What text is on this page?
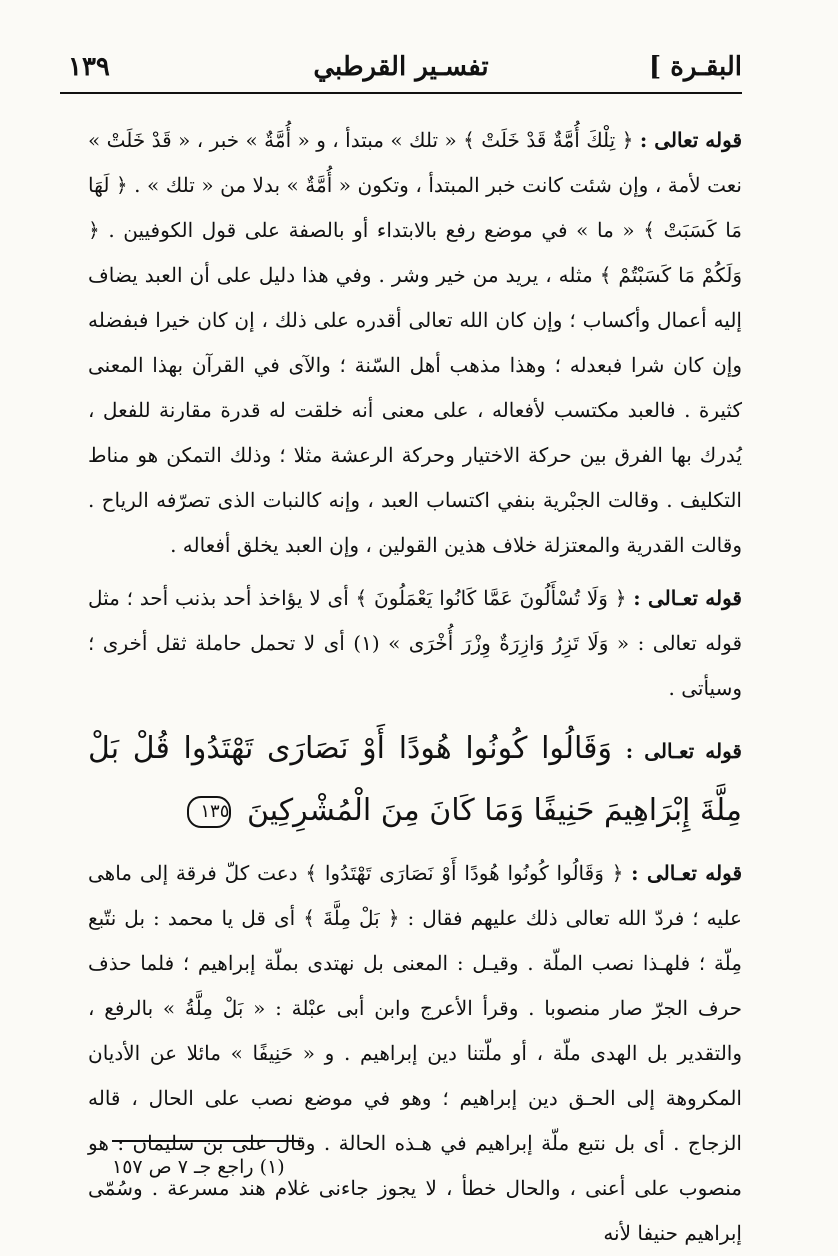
البقـرة ]
تفسـير القرطبي
١٣٩

قوله تعالى : ﴿ تِلْكَ أُمَّةٌ قَدْ خَلَتْ ﴾ « تلك » مبتدأ ، و « أُمَّةٌ » خبر ، « قَدْ خَلَتْ » نعت لأمة ، وإن شئت كانت خبر المبتدأ ، وتكون « أُمَّةٌ » بدلا من « تلك » . ﴿ لَهَا مَا كَسَبَتْ ﴾ « ما » في موضع رفع بالابتداء أو بالصفة على قول الكوفيين . ﴿ وَلَكُمْ مَا كَسَبْتُمْ ﴾ مثله ، يريد من خير وشر . وفي هذا دليل على أن العبد يضاف إليه أعمال وأكساب ؛ وإن كان الله تعالى أقدره على ذلك ، إن كان خيرا فبفضله وإن كان شرا فبعدله ؛ وهذا مذهب أهل السّنة ؛ والآى في القرآن بهذا المعنى كثيرة . فالعبد مكتسب لأفعاله ، على معنى أنه خلقت له قدرة مقارنة للفعل ، يُدرك بها الفرق بين حركة الاختيار وحركة الرعشة مثلا ؛ وذلك التمكن هو مناط التكليف . وقالت الجبْرية بنفي اكتساب العبد ، وإنه كالنبات الذى تصرّفه الرياح . وقالت القدرية والمعتزلة خلاف هذين القولين ، وإن العبد يخلق أفعاله .

قوله تعـالى : ﴿ وَلَا تُسْأَلُونَ عَمَّا كَانُوا يَعْمَلُونَ ﴾ أى لا يؤاخذ أحد بذنب أحد ؛ مثل قوله تعالى : « وَلَا تَزِرُ وَازِرَةٌ وِزْرَ أُخْرَى » (١) أى لا تحمل حاملة ثقل أخرى ؛ وسيأتى .

قوله تعـالى : وَقَالُوا كُونُوا هُودًا أَوْ نَصَارَى تَهْتَدُوا قُلْ بَلْ مِلَّةَ إِبْرَاهِيمَ حَنِيفًا وَمَا كَانَ مِنَ الْمُشْرِكِينَ ١٣٥

قوله تعـالى : ﴿ وَقَالُوا كُونُوا هُودًا أَوْ نَصَارَى تَهْتَدُوا ﴾ دعت كلّ فرقة إلى ماهى عليه ؛ فردّ الله تعالى ذلك عليهم فقال : ﴿ بَلْ مِلَّةَ ﴾ أى قل يا محمد : بل نتّبع مِلّة ؛ فلهـذا نصب الملّة . وقيـل : المعنى بل نهتدى بملّة إبراهيم ؛ فلما حذف حرف الجرّ صار منصوبا . وقرأ الأعرج وابن أبى عبْلة : « بَلْ مِلَّةُ » بالرفع ، والتقدير بل الهدى ملّة ، أو ملّتنا دين إبراهيم . و « حَنِيفًا » مائلا عن الأديان المكروهة إلى الحـق دين إبراهيم ؛ وهو في موضع نصب على الحال ، قاله الزجاج . أى بل نتبع ملّة إبراهيم في هـذه الحالة . وقال على بن سليمان : هو منصوب على أعنى ، والحال خطأ ، لا يجوز جاءنى غلام هند مسرعة . وسُمّى إبراهيم حنيفا لأنه

(١) راجع جـ ٧ ص ١٥٧
